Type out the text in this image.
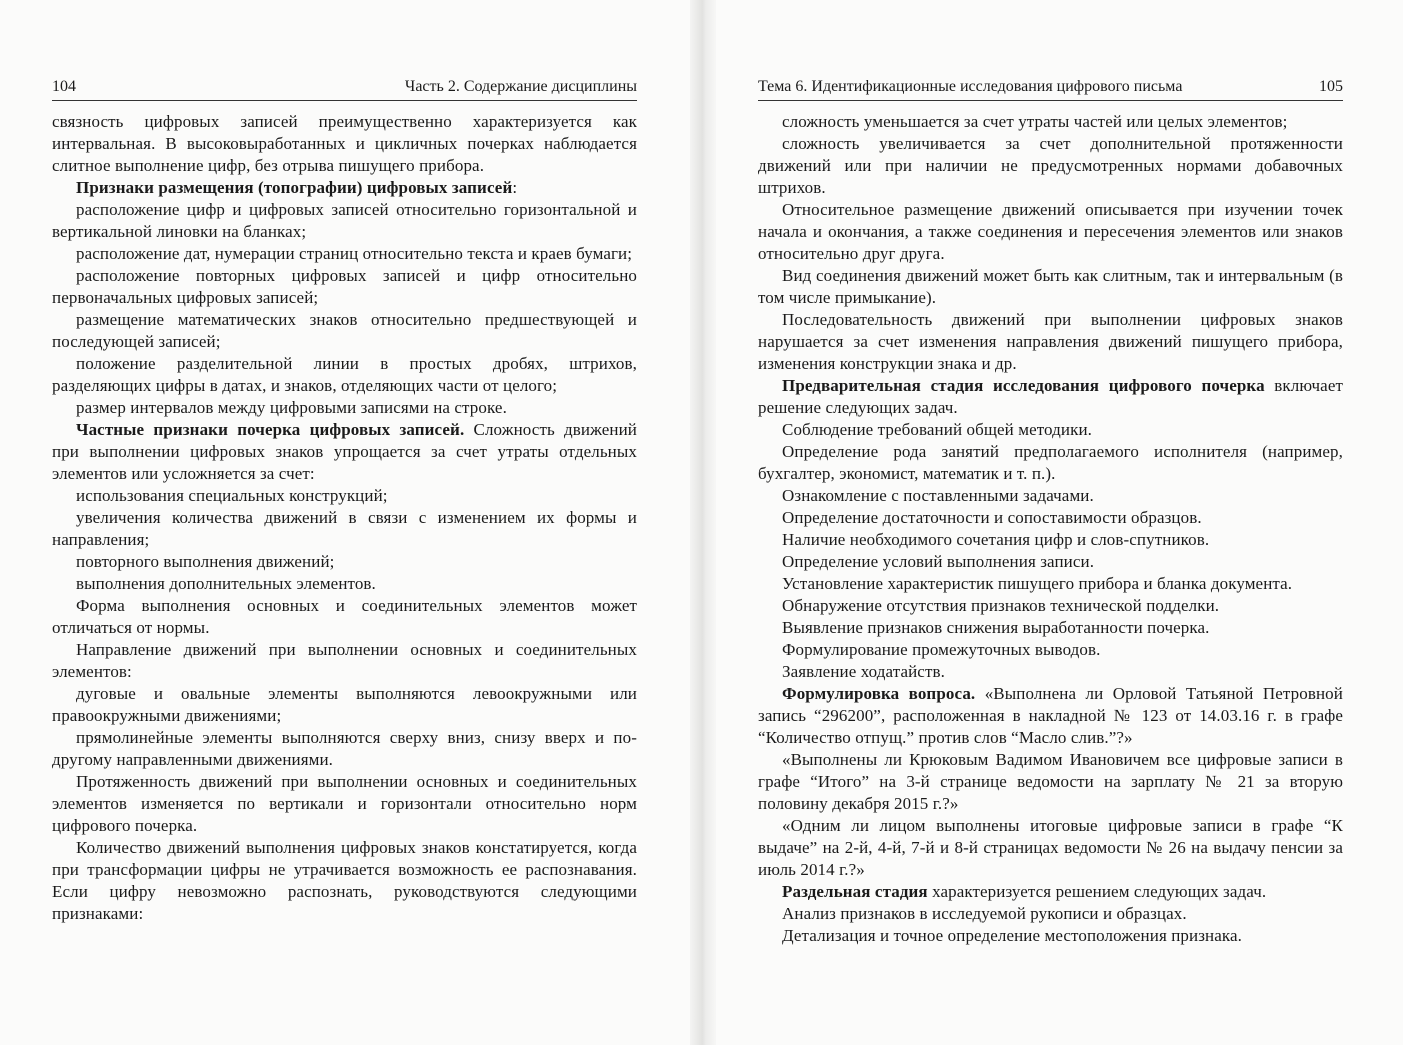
104	Часть 2. Содержание дисциплины

связность цифровых записей преимущественно характеризуется как интервальная. В высоковыработанных и цикличных почерках наблюдается слитное выполнение цифр, без отрыва пишущего прибора.

Признаки размещения (топографии) цифровых записей:

расположение цифр и цифровых записей относительно горизонтальной и вертикальной линовки на бланках;

расположение дат, нумерации страниц относительно текста и краев бумаги;

расположение повторных цифровых записей и цифр относительно первоначальных цифровых записей;

размещение математических знаков относительно предшествующей и последующей записей;

положение разделительной линии в простых дробях, штрихов, разделяющих цифры в датах, и знаков, отделяющих части от целого;

размер интервалов между цифровыми записями на строке.

Частные признаки почерка цифровых записей. Сложность движений при выполнении цифровых знаков упрощается за счет утраты отдельных элементов или усложняется за счет:

использования специальных конструкций;

увеличения количества движений в связи с изменением их формы и направления;

повторного выполнения движений;

выполнения дополнительных элементов.

Форма выполнения основных и соединительных элементов может отличаться от нормы.

Направление движений при выполнении основных и соединительных элементов:

дуговые и овальные элементы выполняются левоокружными или правоокружными движениями;

прямолинейные элементы выполняются сверху вниз, снизу вверх и по-другому направленными движениями.

Протяженность движений при выполнении основных и соединительных элементов изменяется по вертикали и горизонтали относительно норм цифрового почерка.

Количество движений выполнения цифровых знаков констатируется, когда при трансформации цифры не утрачивается возможность ее распознавания. Если цифру невозможно распознать, руководствуются следующими признаками:

Тема 6. Идентификационные исследования цифрового письма	105

сложность уменьшается за счет утраты частей или целых элементов;

сложность увеличивается за счет дополнительной протяженности движений или при наличии не предусмотренных нормами добавочных штрихов.

Относительное размещение движений описывается при изучении точек начала и окончания, а также соединения и пересечения элементов или знаков относительно друг друга.

Вид соединения движений может быть как слитным, так и интервальным (в том числе примыкание).

Последовательность движений при выполнении цифровых знаков нарушается за счет изменения направления движений пишущего прибора, изменения конструкции знака и др.

Предварительная стадия исследования цифрового почерка включает решение следующих задач.

Соблюдение требований общей методики.

Определение рода занятий предполагаемого исполнителя (например, бухгалтер, экономист, математик и т. п.).

Ознакомление с поставленными задачами.

Определение достаточности и сопоставимости образцов.

Наличие необходимого сочетания цифр и слов-спутников.

Определение условий выполнения записи.

Установление характеристик пишущего прибора и бланка документа.

Обнаружение отсутствия признаков технической подделки.

Выявление признаков снижения выработанности почерка.

Формулирование промежуточных выводов.

Заявление ходатайств.

Формулировка вопроса. «Выполнена ли Орловой Татьяной Петровной запись “296200”, расположенная в накладной № 123 от 14.03.16 г. в графе “Количество отпущ.” против слов “Масло слив.”?»

«Выполнены ли Крюковым Вадимом Ивановичем все цифровые записи в графе “Итого” на 3-й странице ведомости на зарплату № 21 за вторую половину декабря 2015 г.?»

«Одним ли лицом выполнены итоговые цифровые записи в графе “К выдаче” на 2-й, 4-й, 7-й и 8-й страницах ведомости № 26 на выдачу пенсии за июль 2014 г.?»

Раздельная стадия характеризуется решением следующих задач.

Анализ признаков в исследуемой рукописи и образцах.

Детализация и точное определение местоположения признака.
